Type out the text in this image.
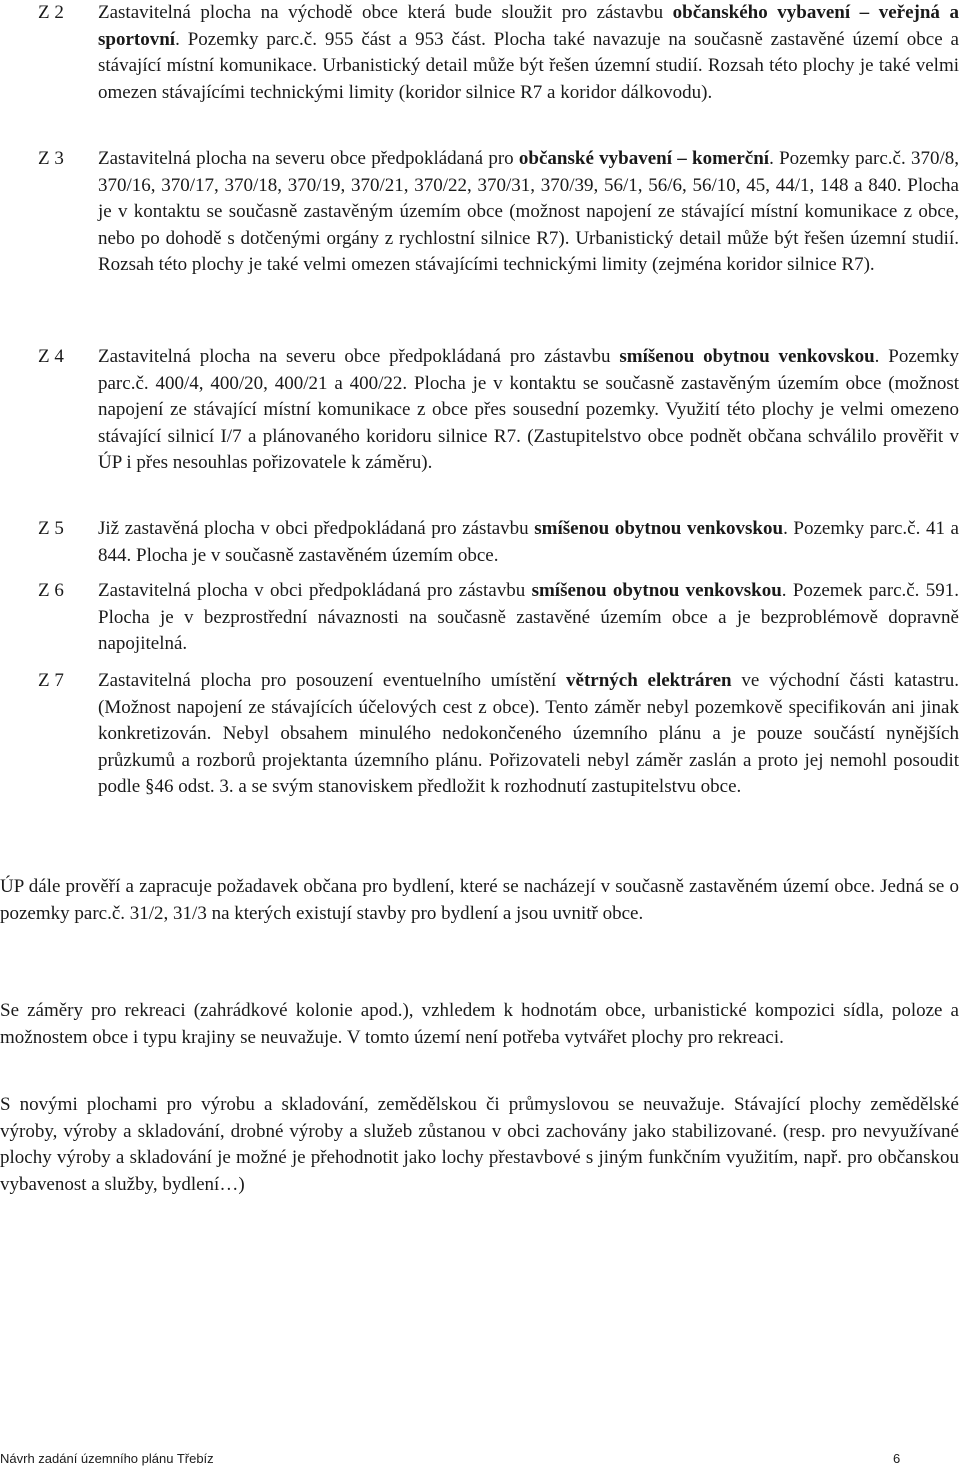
Z 2 Zastavitelná plocha na východě obce která bude sloužit pro zástavbu občanského vybavení – veřejná a sportovní. Pozemky parc.č. 955 část a 953 část. Plocha také navazuje na současně zastavěné území obce a stávající místní komunikace. Urbanistický detail může být řešen územní studií. Rozsah této plochy je také velmi omezen stávajícími technickými limity (koridor silnice R7 a koridor dálkovodu).
Z 3 Zastavitelná plocha na severu obce předpokládaná pro občanské vybavení – komerční. Pozemky parc.č. 370/8, 370/16, 370/17, 370/18, 370/19, 370/21, 370/22, 370/31, 370/39, 56/1, 56/6, 56/10, 45, 44/1, 148 a 840. Plocha je v kontaktu se současně zastavěným územím obce (možnost napojení ze stávající místní komunikace z obce, nebo po dohodě s dotčenými orgány z rychlostní silnice R7). Urbanistický detail může být řešen územní studií. Rozsah této plochy je také velmi omezen stávajícími technickými limity (zejména koridor silnice R7).
Z 4 Zastavitelná plocha na severu obce předpokládaná pro zástavbu smíšenou obytnou venkovskou. Pozemky parc.č. 400/4, 400/20, 400/21 a 400/22. Plocha je v kontaktu se současně zastavěným územím obce (možnost napojení ze stávající místní komunikace z obce přes sousední pozemky. Využití této plochy je velmi omezeno stávající silnicí I/7 a plánovaného koridoru silnice R7. (Zastupitelstvo obce podnět občana schválilo prověřit v ÚP i přes nesouhlas pořizovatele k záměru).
Z 5 Již zastavěná plocha v obci předpokládaná pro zástavbu smíšenou obytnou venkovskou. Pozemky parc.č. 41 a 844. Plocha je v současně zastavěném územím obce.
Z 6 Zastavitelná plocha v obci předpokládaná pro zástavbu smíšenou obytnou venkovskou. Pozemek parc.č. 591. Plocha je v bezprostřední návaznosti na současně zastavěné územím obce a je bezproblémově dopravně napojitelná.
Z 7 Zastavitelná plocha pro posouzení eventuelního umístění větrných elektráren ve východní části katastru. (Možnost napojení ze stávajících účelových cest z obce). Tento záměr nebyl pozemkově specifikován ani jinak konkretizován. Nebyl obsahem minulého nedokončeného územního plánu a je pouze součástí nynějších průzkumů a rozborů projektanta územního plánu. Pořizovateli nebyl záměr zaslán a proto jej nemohl posoudit podle §46 odst. 3. a se svým stanoviskem předložit k rozhodnutí zastupitelstvu obce.

ÚP dále prověří a zapracuje požadavek občana pro bydlení, které se nacházejí v současně zastavěném území obce. Jedná se o pozemky parc.č. 31/2, 31/3 na kterých existují stavby pro bydlení a jsou uvnitř obce.

Se záměry pro rekreaci (zahrádkové kolonie apod.), vzhledem k hodnotám obce, urbanistické kompozici sídla, poloze a možnostem obce i typu krajiny se neuvažuje. V tomto území není potřeba vytvářet plochy pro rekreaci.

S novými plochami pro výrobu a skladování, zemědělskou či průmyslovou se neuvažuje. Stávající plochy zemědělské výroby, výroby a skladování, drobné výroby a služeb zůstanou v obci zachovány jako stabilizované. (resp. pro nevyužívané plochy výroby a skladování je možné je přehodnotit jako lochy přestavbové s jiným funkčním využitím, např. pro občanskou vybavenost a služby, bydlení…)

Návrh zadání územního plánu Třebíz	6
